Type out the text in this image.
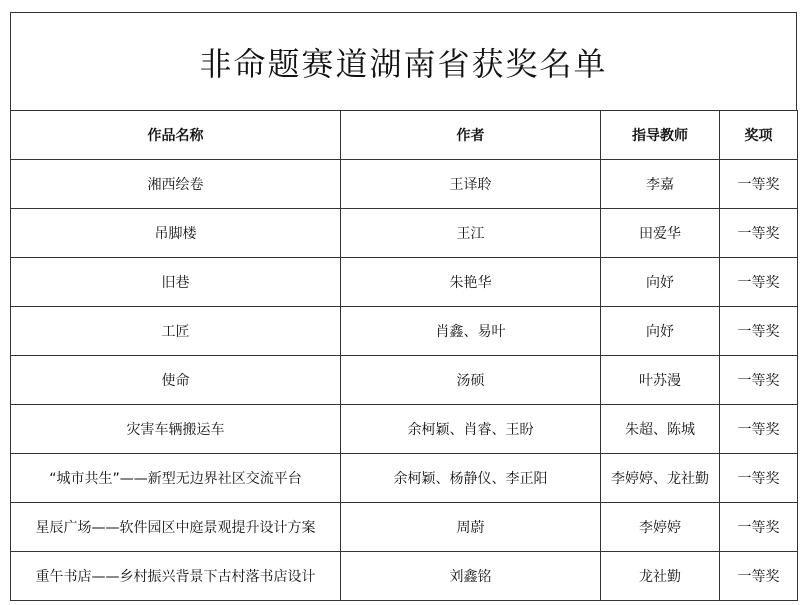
非命题赛道湖南省获奖名单
作品名称	作者	指导教师	奖项
湘西绘卷	王译聆	李嘉	一等奖
吊脚楼	王江	田爱华	一等奖
旧巷	朱艳华	向妤	一等奖
工匠	肖鑫、易叶	向妤	一等奖
使命	汤硕	叶苏漫	一等奖
灾害车辆搬运车	余柯颖、肖睿、王盼	朱超、陈城	一等奖
“城市共生”——新型无边界社区交流平台	余柯颖、杨静仪、李正阳	李婷婷、龙社勤	一等奖
星辰广场——软件园区中庭景观提升设计方案	周蔚	李婷婷	一等奖
重午书店——乡村振兴背景下古村落书店设计	刘鑫铭	龙社勤	一等奖
